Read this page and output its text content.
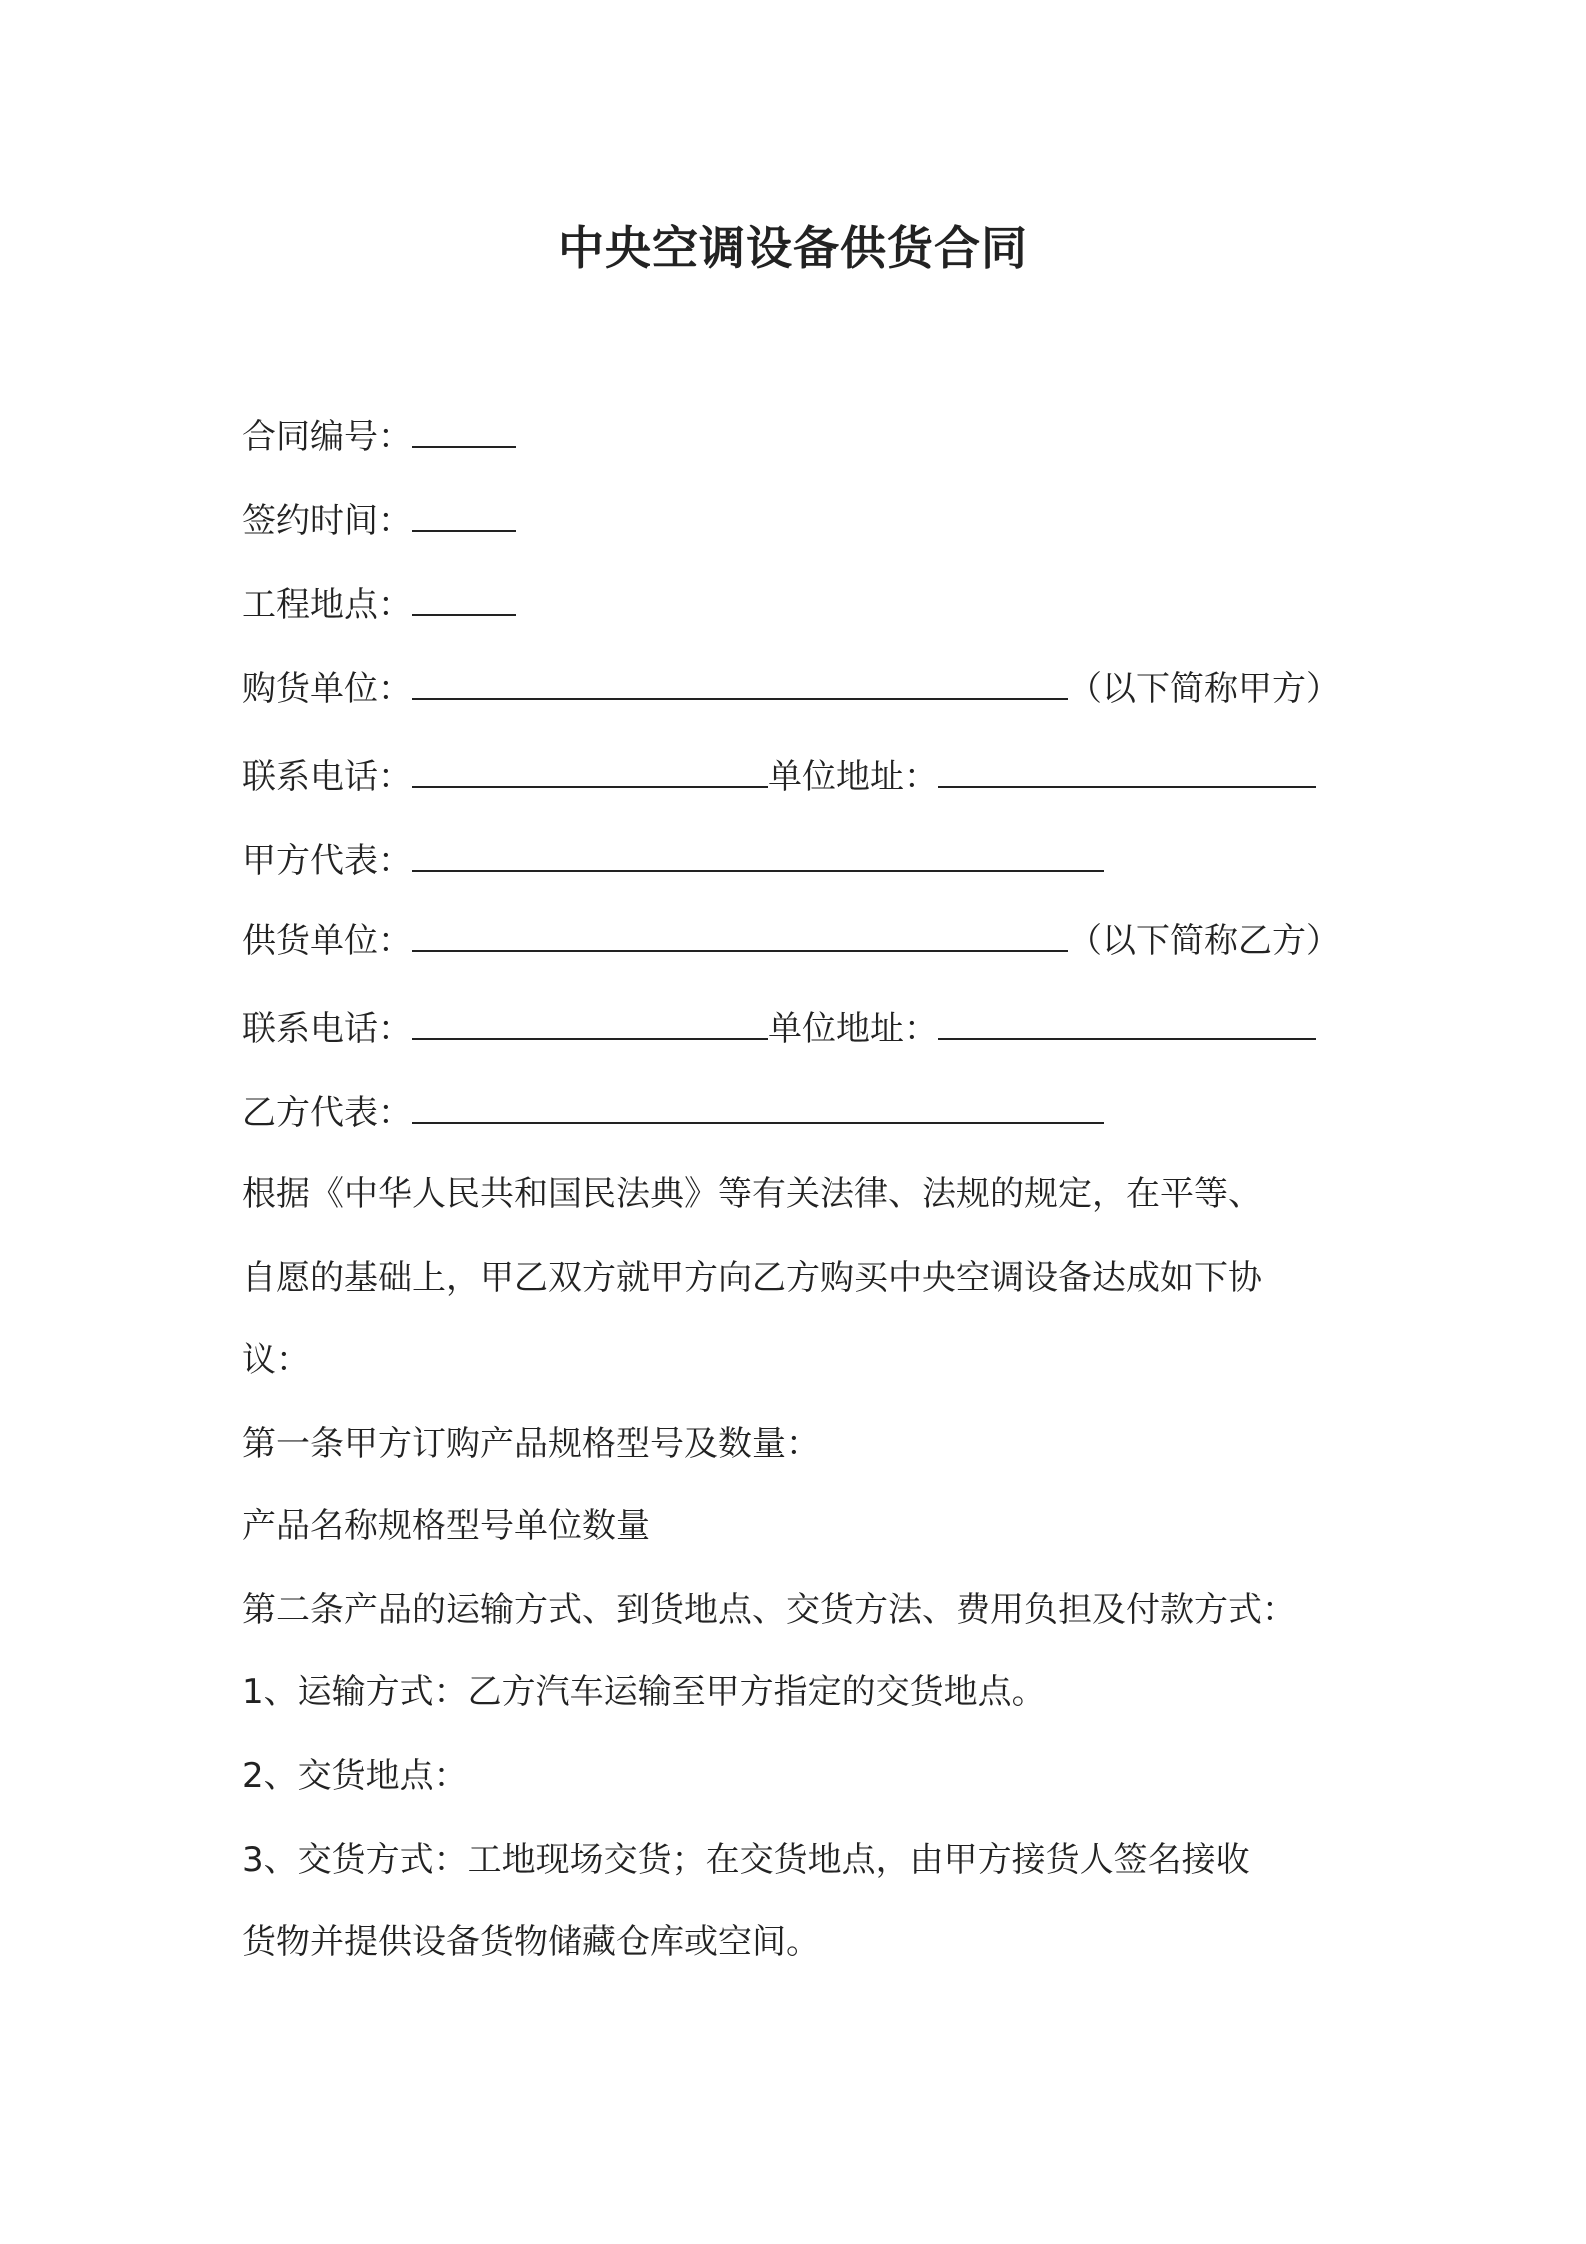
中央空调设备供货合同
合同编号：
签约时间：
工程地点：
购货单位：	（以下简称甲方）
联系电话：	单位地址：
甲方代表：
供货单位：	（以下简称乙方）
联系电话：	单位地址：
乙方代表：
根据《中华人民共和国民法典》等有关法律、法规的规定，在平等、
自愿的基础上，甲乙双方就甲方向乙方购买中央空调设备达成如下协
议：
第一条甲方订购产品规格型号及数量：
产品名称规格型号单位数量
第二条产品的运输方式、到货地点、交货方法、费用负担及付款方式：
1、运输方式：乙方汽车运输至甲方指定的交货地点。
2、交货地点：
3、交货方式：工地现场交货；在交货地点，由甲方接货人签名接收
货物并提供设备货物储藏仓库或空间。
